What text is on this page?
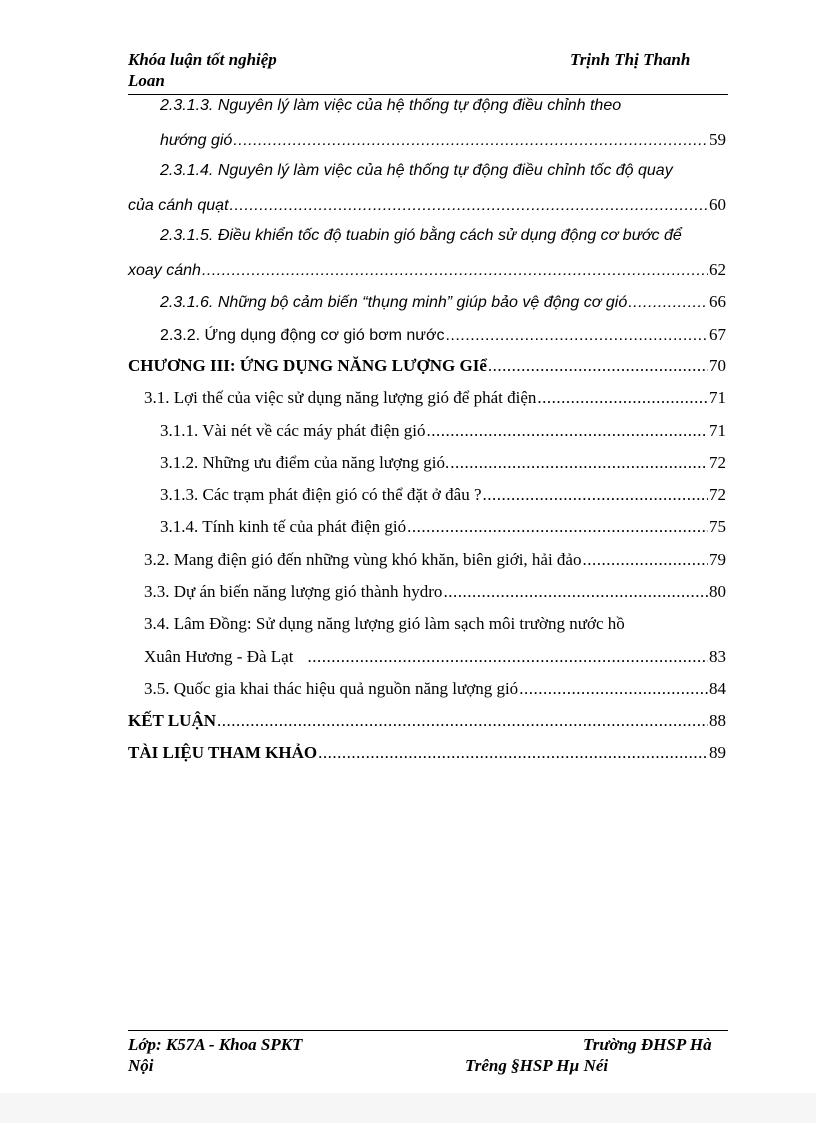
Khóa luận tốt nghiệp	Trịnh Thị Thanh
Loan
2.3.1.3. Nguyên lý làm việc của hệ thống tự động điều chỉnh theo
hướng gió .....	59
2.3.1.4. Nguyên lý làm việc của hệ thống tự động điều chỉnh tốc độ quay
của cánh quạt .....	60
2.3.1.5. Điều khiển tốc độ tuabin gió bằng cách sử dụng động cơ bước để
xoay cánh .....	62
2.3.1.6. Những bộ cảm biến “thụng minh” giúp bảo vệ động cơ gió .....	66
2.3.2. Ứng dụng động cơ gió bơm nước .....	67
CHƯƠNG III: ỨNG DỤNG NĂNG LƯỢNG GIể .....	70
3.1. Lợi thế của việc sử dụng năng lượng gió để phát điện .....	71
3.1.1. Vài nét về các máy phát điện gió .....	71
3.1.2. Những ưu điểm của năng lượng gió. .....	72
3.1.3. Các trạm phát điện gió có thể đặt ở đâu ? .....	72
3.1.4. Tính kinh tế của phát điện gió .....	75
3.2. Mang điện gió đến những vùng khó khăn, biên giới, hải đảo .....	79
3.3. Dự án biến năng lượng gió thành hydro .....	80
3.4. Lâm Đồng: Sử dụng năng lượng gió làm sạch môi trường nước hồ
Xuân Hương - Đà Lạt .....	83
3.5. Quốc gia khai thác hiệu quả nguồn năng lượng gió .....	84
KẾT LUẬN .....	88
TÀI LIỆU THAM KHẢO .....	89
Lớp: K57A - Khoa SPKT	Trường ĐHSP Hà
Nội	Trêng §HSP Hµ Néi
